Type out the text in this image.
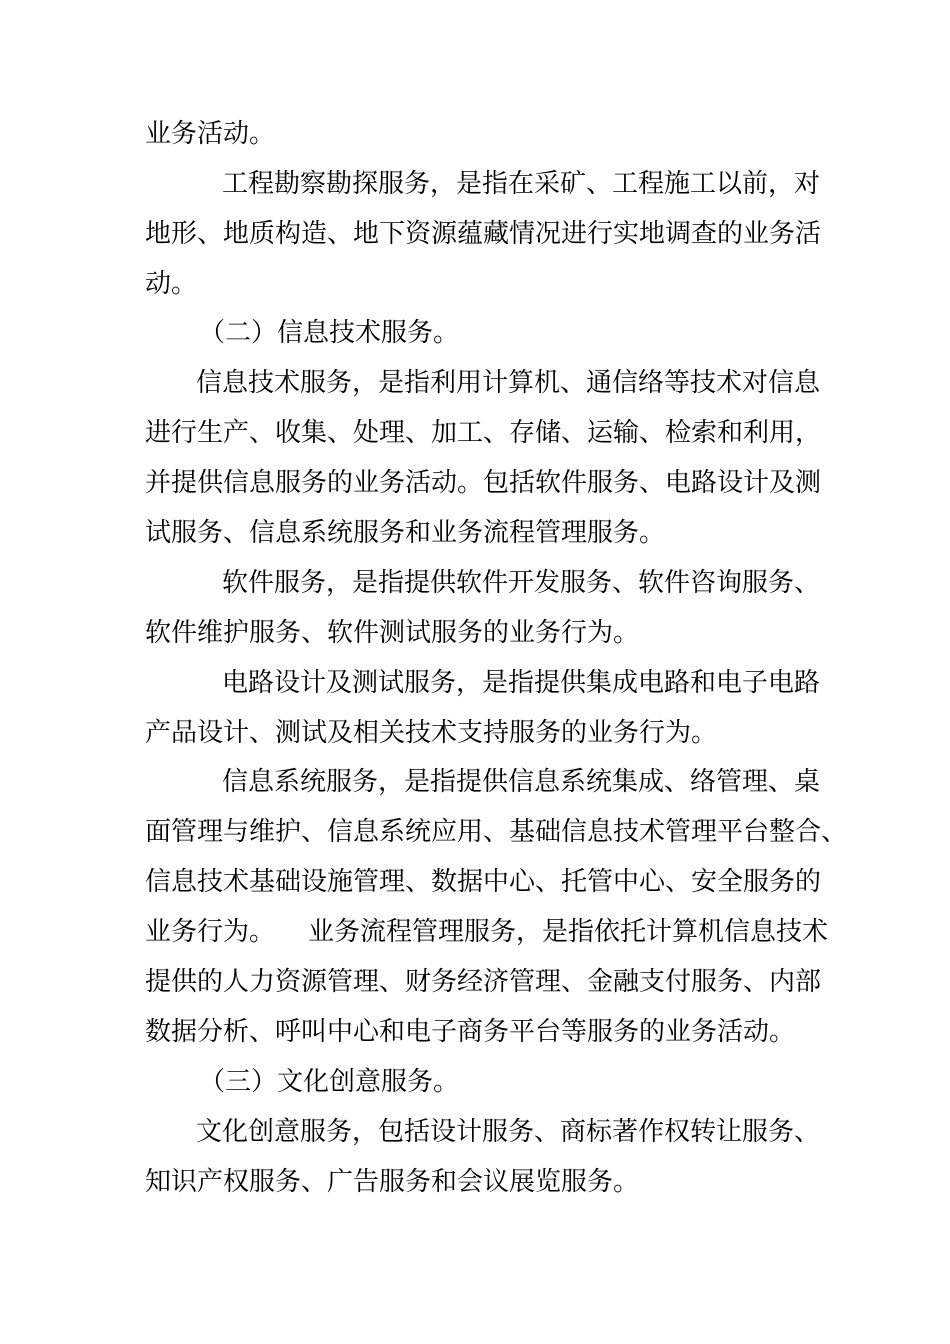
业务活动。
工程勘察勘探服务，是指在采矿、工程施工以前，对
地形、地质构造、地下资源蕴藏情况进行实地调查的业务活
动。
（二）信息技术服务。
信息技术服务，是指利用计算机、通信络等技术对信息
进行生产、收集、处理、加工、存储、运输、检索和利用，
并提供信息服务的业务活动。包括软件服务、电路设计及测
试服务、信息系统服务和业务流程管理服务。
软件服务，是指提供软件开发服务、软件咨询服务、
软件维护服务、软件测试服务的业务行为。
电路设计及测试服务，是指提供集成电路和电子电路
产品设计、测试及相关技术支持服务的业务行为。
信息系统服务，是指提供信息系统集成、络管理、桌
面管理与维护、信息系统应用、基础信息技术管理平台整合、
信息技术基础设施管理、数据中心、托管中心、安全服务的
业务行为。    业务流程管理服务，是指依托计算机信息技术
提供的人力资源管理、财务经济管理、金融支付服务、内部
数据分析、呼叫中心和电子商务平台等服务的业务活动。
（三）文化创意服务。
文化创意服务，包括设计服务、商标著作权转让服务、
知识产权服务、广告服务和会议展览服务。
